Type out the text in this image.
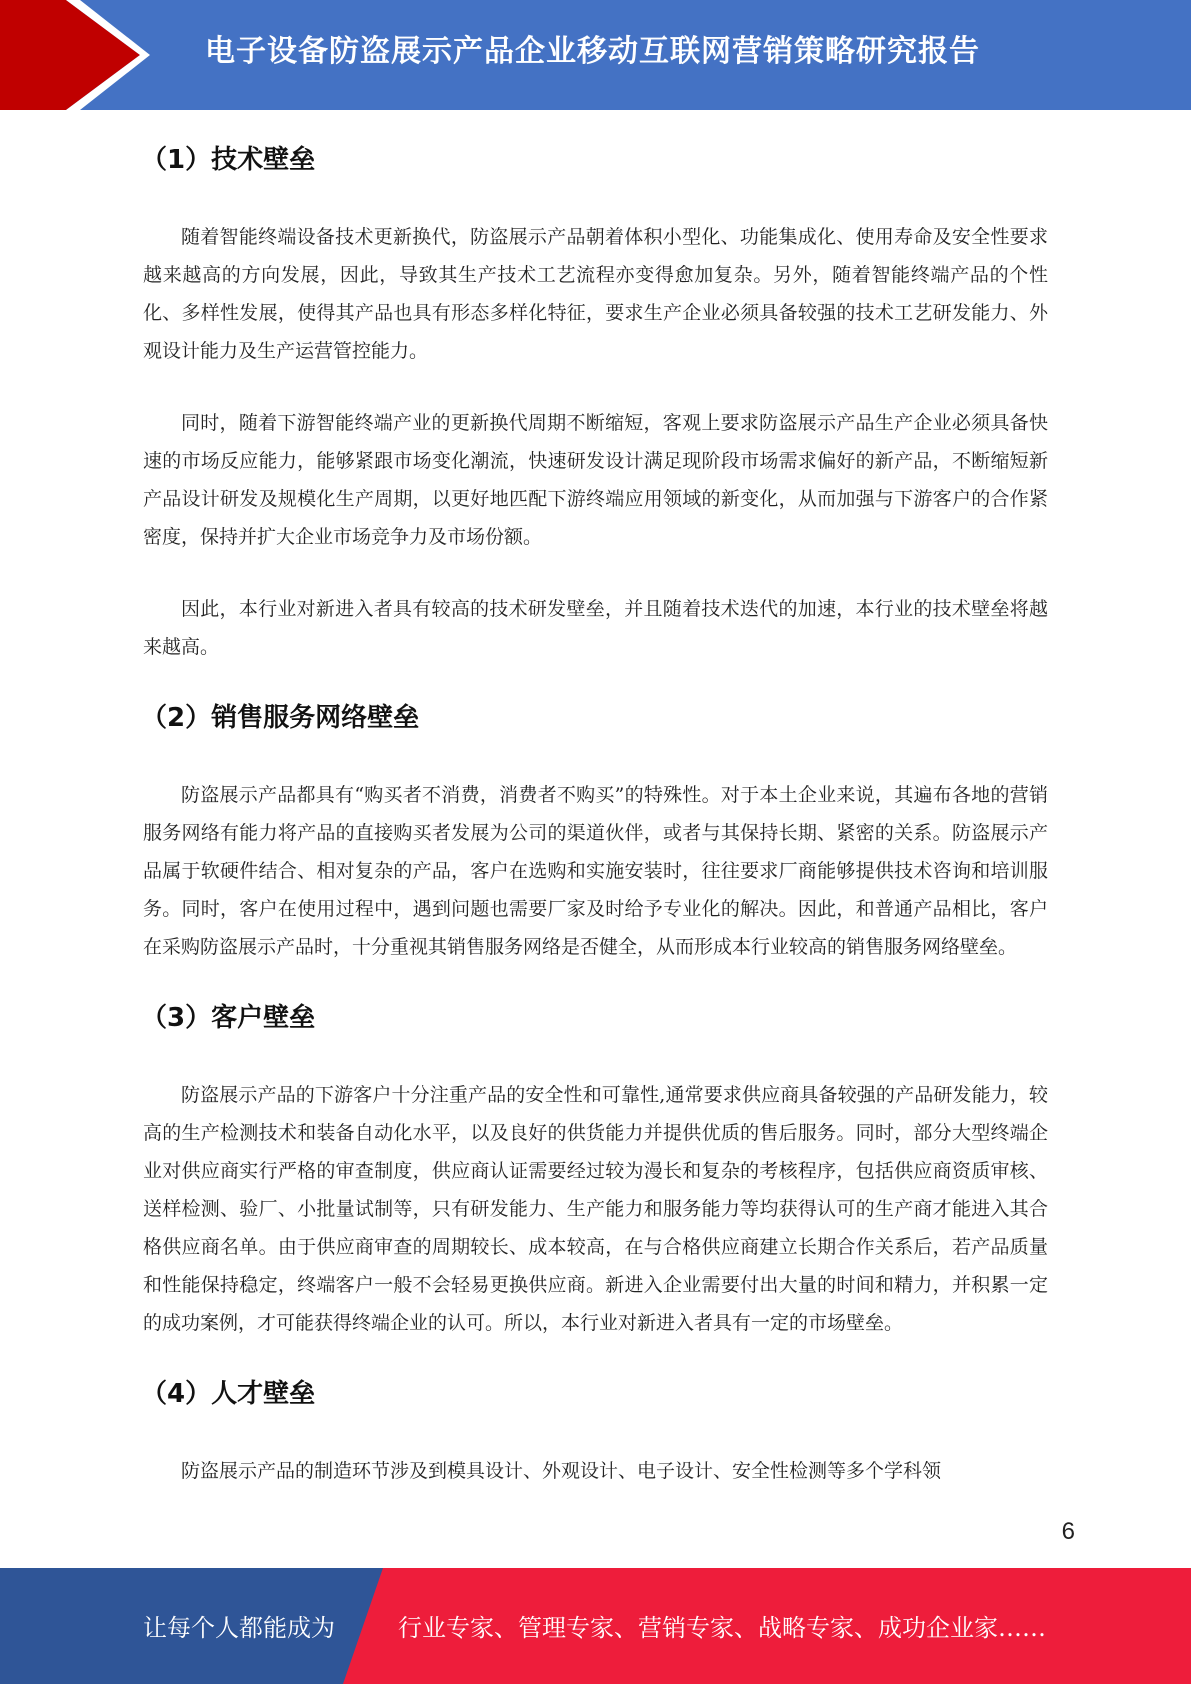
电子设备防盗展示产品企业移动互联网营销策略研究报告
（1）技术壁垒

随着智能终端设备技术更新换代，防盗展示产品朝着体积小型化、功能集成化、使用寿命及安全性要求越来越高的方向发展，因此，导致其生产技术工艺流程亦变得愈加复杂。另外，随着智能终端产品的个性化、多样性发展，使得其产品也具有形态多样化特征，要求生产企业必须具备较强的技术工艺研发能力、外观设计能力及生产运营管控能力。

同时，随着下游智能终端产业的更新换代周期不断缩短，客观上要求防盗展示产品生产企业必须具备快速的市场反应能力，能够紧跟市场变化潮流，快速研发设计满足现阶段市场需求偏好的新产品，不断缩短新产品设计研发及规模化生产周期，以更好地匹配下游终端应用领域的新变化，从而加强与下游客户的合作紧密度，保持并扩大企业市场竞争力及市场份额。

因此，本行业对新进入者具有较高的技术研发壁垒，并且随着技术迭代的加速，本行业的技术壁垒将越来越高。

（2）销售服务网络壁垒

防盗展示产品都具有“购买者不消费，消费者不购买”的特殊性。对于本土企业来说，其遍布各地的营销服务网络有能力将产品的直接购买者发展为公司的渠道伙伴，或者与其保持长期、紧密的关系。防盗展示产品属于软硬件结合、相对复杂的产品，客户在选购和实施安装时，往往要求厂商能够提供技术咨询和培训服务。同时，客户在使用过程中，遇到问题也需要厂家及时给予专业化的解决。因此，和普通产品相比，客户在采购防盗展示产品时，十分重视其销售服务网络是否健全，从而形成本行业较高的销售服务网络壁垒。

（3）客户壁垒

防盗展示产品的下游客户十分注重产品的安全性和可靠性,通常要求供应商具备较强的产品研发能力，较高的生产检测技术和装备自动化水平，以及良好的供货能力并提供优质的售后服务。同时，部分大型终端企业对供应商实行严格的审查制度，供应商认证需要经过较为漫长和复杂的考核程序，包括供应商资质审核、送样检测、验厂、小批量试制等，只有研发能力、生产能力和服务能力等均获得认可的生产商才能进入其合格供应商名单。由于供应商审查的周期较长、成本较高，在与合格供应商建立长期合作关系后，若产品质量和性能保持稳定，终端客户一般不会轻易更换供应商。新进入企业需要付出大量的时间和精力，并积累一定的成功案例，才可能获得终端企业的认可。所以，本行业对新进入者具有一定的市场壁垒。

（4）人才壁垒

防盗展示产品的制造环节涉及到模具设计、外观设计、电子设计、安全性检测等多个学科领

6
让每个人都能成为	行业专家、管理专家、营销专家、战略专家、成功企业家……
